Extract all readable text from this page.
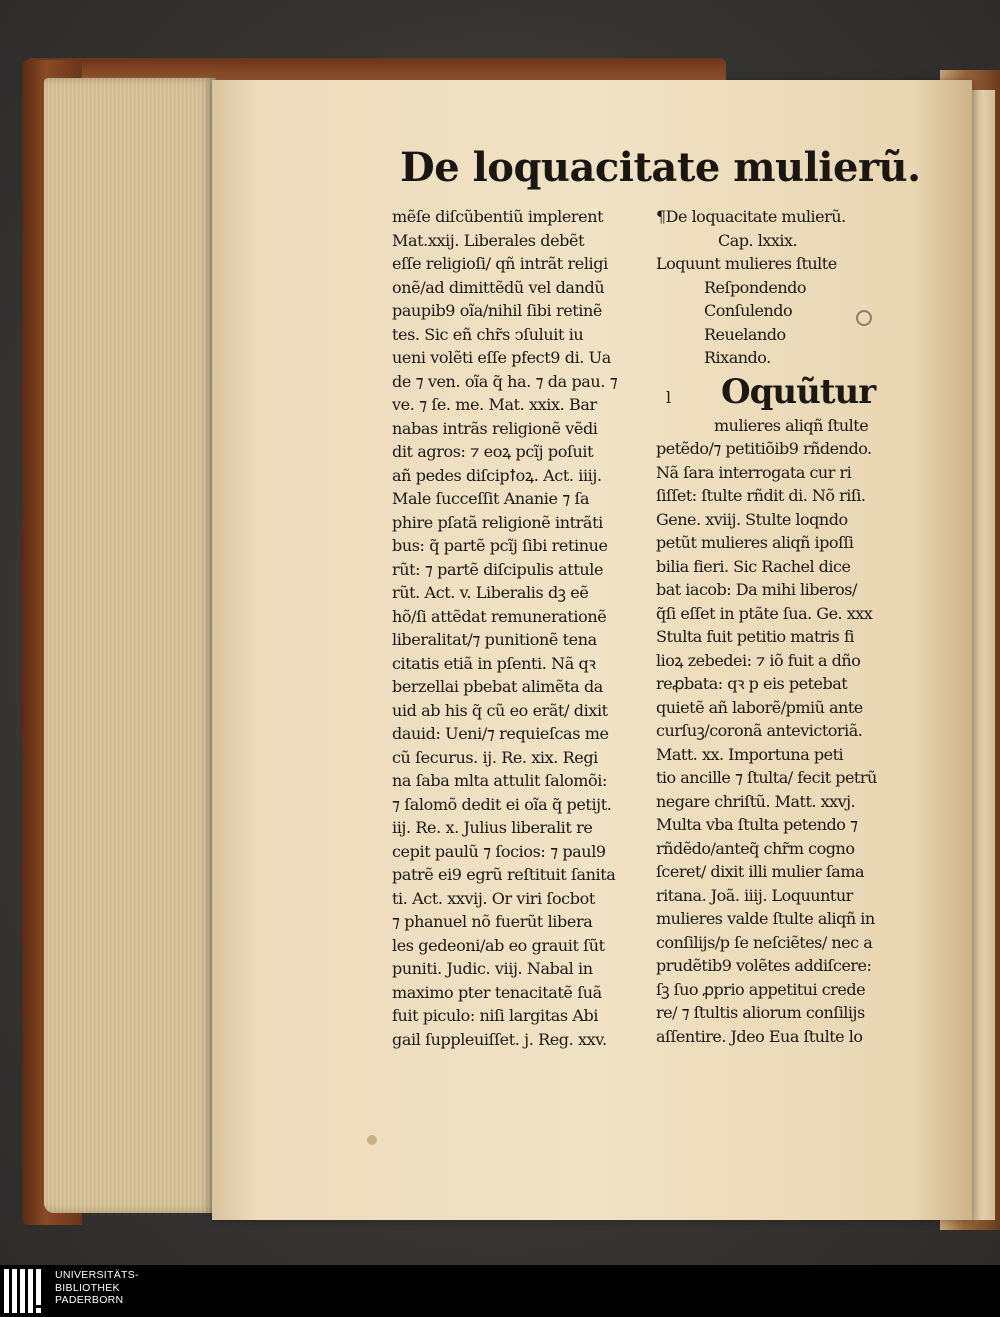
De loquacitate mulierũ.
mẽſe diſcũbentiũ implerent
Mat.xxij. Liberales debẽt
eſſe religioſi/ qñ intrãt religi
onẽ/ad dimittẽdũ vel dandũ
paupib9 oĩa/nihil ſibi retinẽ
tes. Sic eñ chr̃s ↄſuluit iu
ueni volẽti eſſe pfect9 di. Ua
de ⁊ ven. oĩa q̃ ha. ⁊ da pau. ⁊
ve. ⁊ ſe. me. Mat. xxix. Bar
nabas intrãs religionẽ vẽdi
dit agros: ⁊ eoꝝ pcĩj poſuit
añ pedes diſcipꝉoꝝ. Act. iiij.
Male ſucceſſit Ananie ⁊ ſa
phire pſatã religionẽ intrãti
bus: q̃ partẽ pcĩj ſibi retinue
rũt: ⁊ partẽ diſcipulis attule
rũt. Act. v. Liberalis dꝫ eẽ
hõ/ſi attẽdat remunerationẽ
liberalitat/⁊ punitionẽ tena
citatis etiã in pſenti. Nã qꝛ
berzellai pbebat alimẽta da
uid ab his q̃ cũ eo erãt/ dixit
dauid: Ueni/⁊ requieſcas me
cũ ſecurus. ij. Re. xix. Regi
na ſaba mlta attulit ſalomõi:
⁊ ſalomõ dedit ei oĩa q̃ petijt.
iij. Re. x. Julius liberalit re
cepit paulũ ⁊ ſocios: ⁊ paul9
patrẽ ei9 egrũ reſtituit ſanita
ti. Act. xxvij. Or viri ſocbot
⁊ phanuel nõ fuerũt libera
les gedeoni/ab eo grauit ſũt
puniti. Judic. viij. Nabal in
maximo pter tenacitatẽ ſuã
fuit piculo: niſi largitas Abi
gail ſuppleuiſſet. j. Reg. xxv.
¶De loquacitate mulierũ.
Cap. lxxix.
Loquunt mulieres ſtulte
Reſpondendo
Conſulendo
Reuelando
Rixando.
l Oquũtur
mulieres aliqñ ſtulte
petẽdo/⁊ petitiõib9 rñdendo.
Nã ſara interrogata cur ri
ſiſſet: ſtulte rñdit di. Nõ riſi.
Gene. xviij. Stulte loqndo
petũt mulieres aliqñ ipoſſi
bilia fieri. Sic Rachel dice
bat iacob: Da mihi liberos/
q̃ſi eſſet in ptãte ſua. Ge. xxx
Stulta fuit petitio matris fi
lioꝝ zebedei: ⁊ iõ fuit a dño
reꝓbata: qꝛ p eis petebat
quietẽ añ laborẽ/pmiũ ante
curſuꝫ/coronã antevictoriã.
Matt. xx. Importuna peti
tio ancille ⁊ ſtulta/ fecit petrũ
negare chriſtũ. Matt. xxvj.
Multa vba ſtulta petendo ⁊
rñdẽdo/anteq̃ chr̃m cogno
ſceret/ dixit illi mulier ſama
ritana. Joã. iiij. Loquuntur
mulieres valde ſtulte aliqñ in
conſilijs/p ſe neſciẽtes/ nec a
prudẽtib9 volẽtes addiſcere:
ſꝫ ſuo ꝓprio appetitui crede
re/ ⁊ ſtultis aliorum conſilijs
aſſentire. Jdeo Eua ſtulte lo
UNIVERSITÄTS-
BIBLIOTHEK
PADERBORN
